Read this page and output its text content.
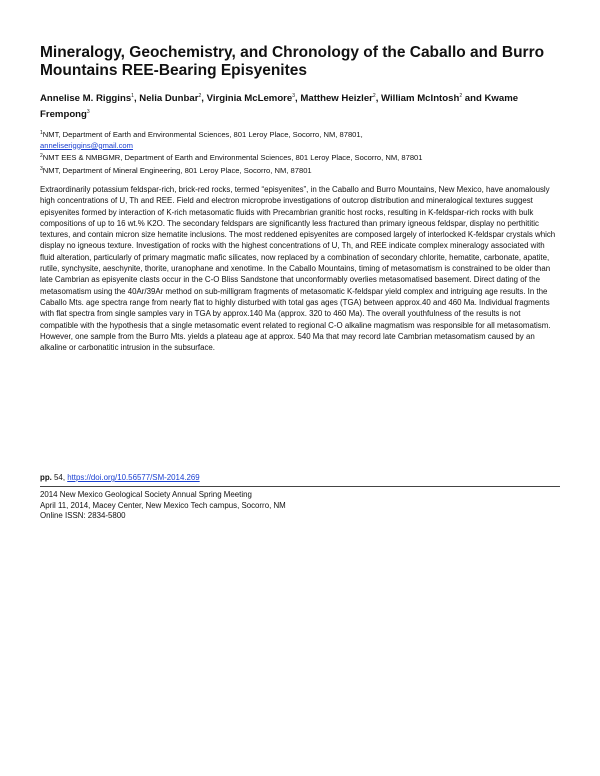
Mineralogy, Geochemistry, and Chronology of the Caballo and Burro Mountains REE-Bearing Episyenites
Annelise M. Riggins$^1$, Nelia Dunbar$^2$, Virginia McLemore$^3$, Matthew Heizler$^2$, William McIntosh$^2$ and Kwame Frempong$^3$
$^1$NMT, Department of Earth and Environmental Sciences, 801 Leroy Place, Socorro, NM, 87801,
anneliseriggins@gmail.com
$^2$NMT EES & NMBGMR, Department of Earth and Environmental Sciences, 801 Leroy Place, Socorro, NM, 87801
$^3$NMT, Department of Mineral Engineering, 801 Leroy Place, Socorro, NM, 87801

Extraordinarily potassium feldspar-rich, brick-red rocks, termed “episyenites”, in the Caballo and Burro Mountains, New Mexico, have anomalously high concentrations of U, Th and REE. Field and electron microprobe investigations of outcrop distribution and mineralogical textures suggest episyenites formed by interaction of K-rich metasomatic fluids with Precambrian granitic host rocks, resulting in K-feldspar-rich rocks with bulk compositions of up to 16 wt.% K2O. The secondary feldspars are significantly less fractured than primary igneous feldspar, display no perthititic textures, and contain micron size hematite inclusions. The most reddened episyenites are composed largely of interlocked K-feldspar crystals which display no igneous texture. Investigation of rocks with the highest concentrations of U, Th, and REE indicate complex mineralogy associated with fluid alteration, particularly of primary magmatic mafic silicates, now replaced by a combination of secondary chlorite, hematite, carbonate, apatite, rutile, synchysite, aeschynite, thorite, uranophane and xenotime. In the Caballo Mountains, timing of metasomatism is constrained to be older than late Cambrian as episyenite clasts occur in the C-O Bliss Sandstone that unconformably overlies metasomatised basement. Direct dating of the metasomatism using the 40Ar/39Ar method on sub-milligram fragments of metasomatic K-feldspar yield complex and intriguing age results. In the Caballo Mts. age spectra range from nearly flat to highly disturbed with total gas ages (TGA) between approx.40 and 460 Ma. Individual fragments with flat spectra from single samples vary in TGA by approx.140 Ma (approx. 320 to 460 Ma). The overall youthfulness of the results is not compatible with the hypothesis that a single metasomatic event related to regional C-O alkaline magmatism was responsible for all metasomatism. However, one sample from the Burro Mts. yields a plateau age at approx. 540 Ma that may record late Cambrian metasomatism caused by an alkaline or carbonatitic intrusion in the subsurface.

pp. 54, https://doi.org/10.56577/SM-2014.269
2014 New Mexico Geological Society Annual Spring Meeting
April 11, 2014, Macey Center, New Mexico Tech campus, Socorro, NM
Online ISSN: 2834-5800
